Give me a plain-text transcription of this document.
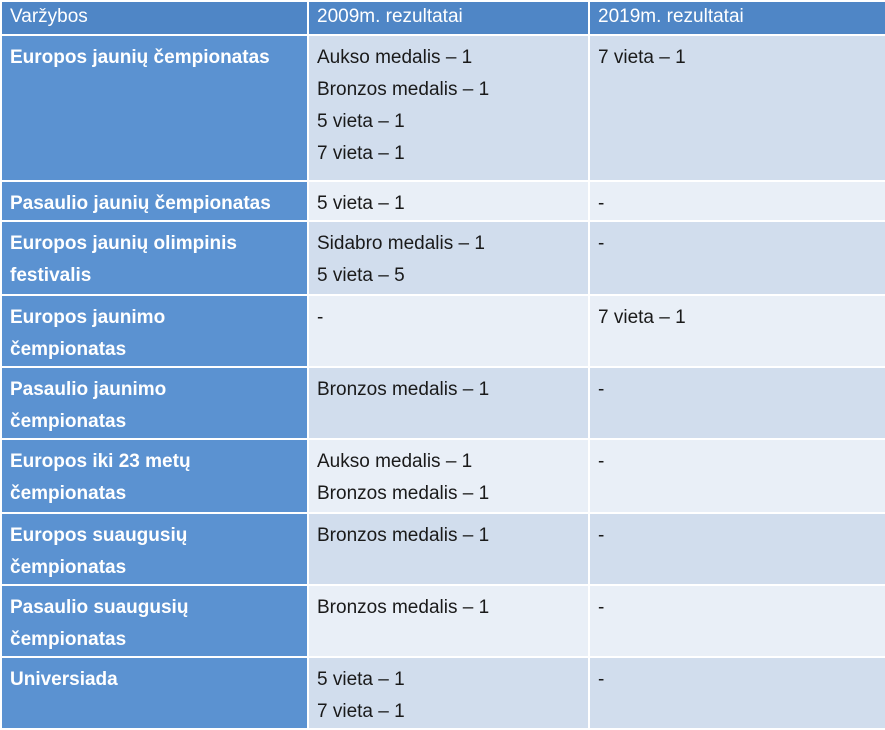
Varžybos	2009m. rezultatai	2019m. rezultatai
Europos jaunių čempionatas	Aukso medalis – 1
Bronzos medalis – 1
5 vieta – 1
7 vieta – 1	7 vieta – 1
Pasaulio jaunių čempionatas	5 vieta – 1	-
Europos jaunių olimpinis
festivalis	Sidabro medalis – 1
5 vieta – 5	-
Europos jaunimo
čempionatas	-	7 vieta – 1
Pasaulio jaunimo
čempionatas	Bronzos medalis – 1	-
Europos iki 23 metų
čempionatas	Aukso medalis – 1
Bronzos medalis – 1	-
Europos suaugusių
čempionatas	Bronzos medalis – 1	-
Pasaulio suaugusių
čempionatas	Bronzos medalis – 1	-
Universiada	5 vieta – 1
7 vieta – 1	-
